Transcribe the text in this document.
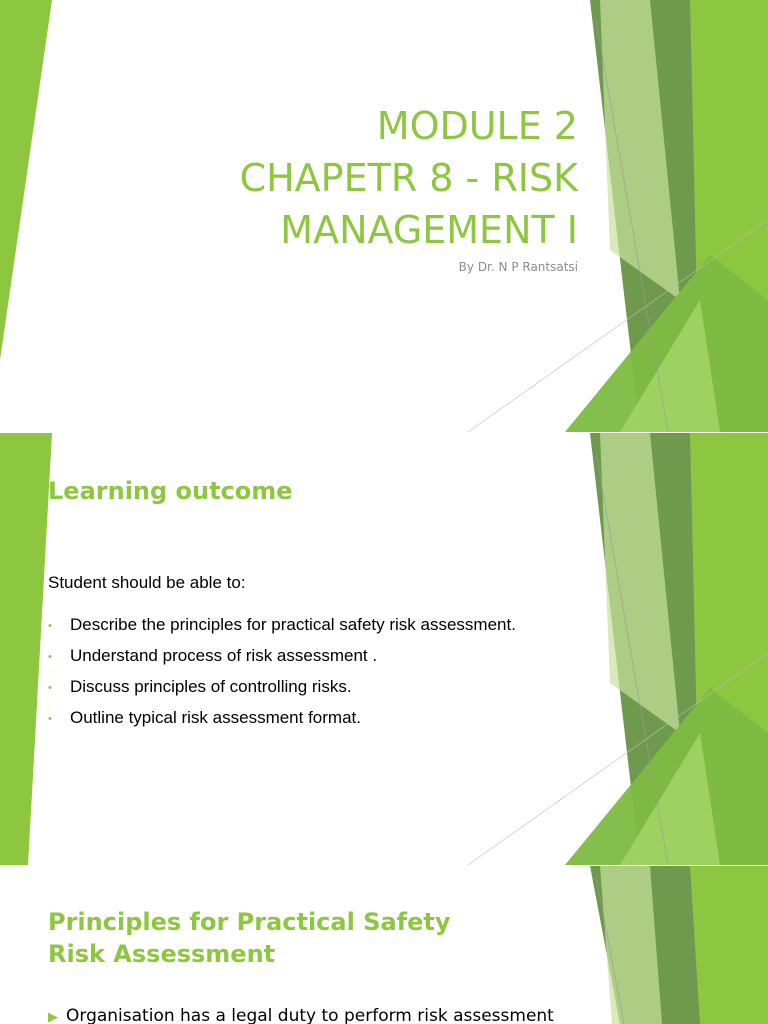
MODULE 2
CHAPETR 8 - RISK
MANAGEMENT I
By Dr. N P Rantsatsi
Learning outcome
Student should be able to:
• Describe the principles for practical safety risk assessment.
• Understand process of risk assessment .
• Discuss principles of controlling risks.
• Outline typical risk assessment format.
Principles for Practical Safety Risk Assessment
▶ Organisation has a legal duty to perform risk assessment
